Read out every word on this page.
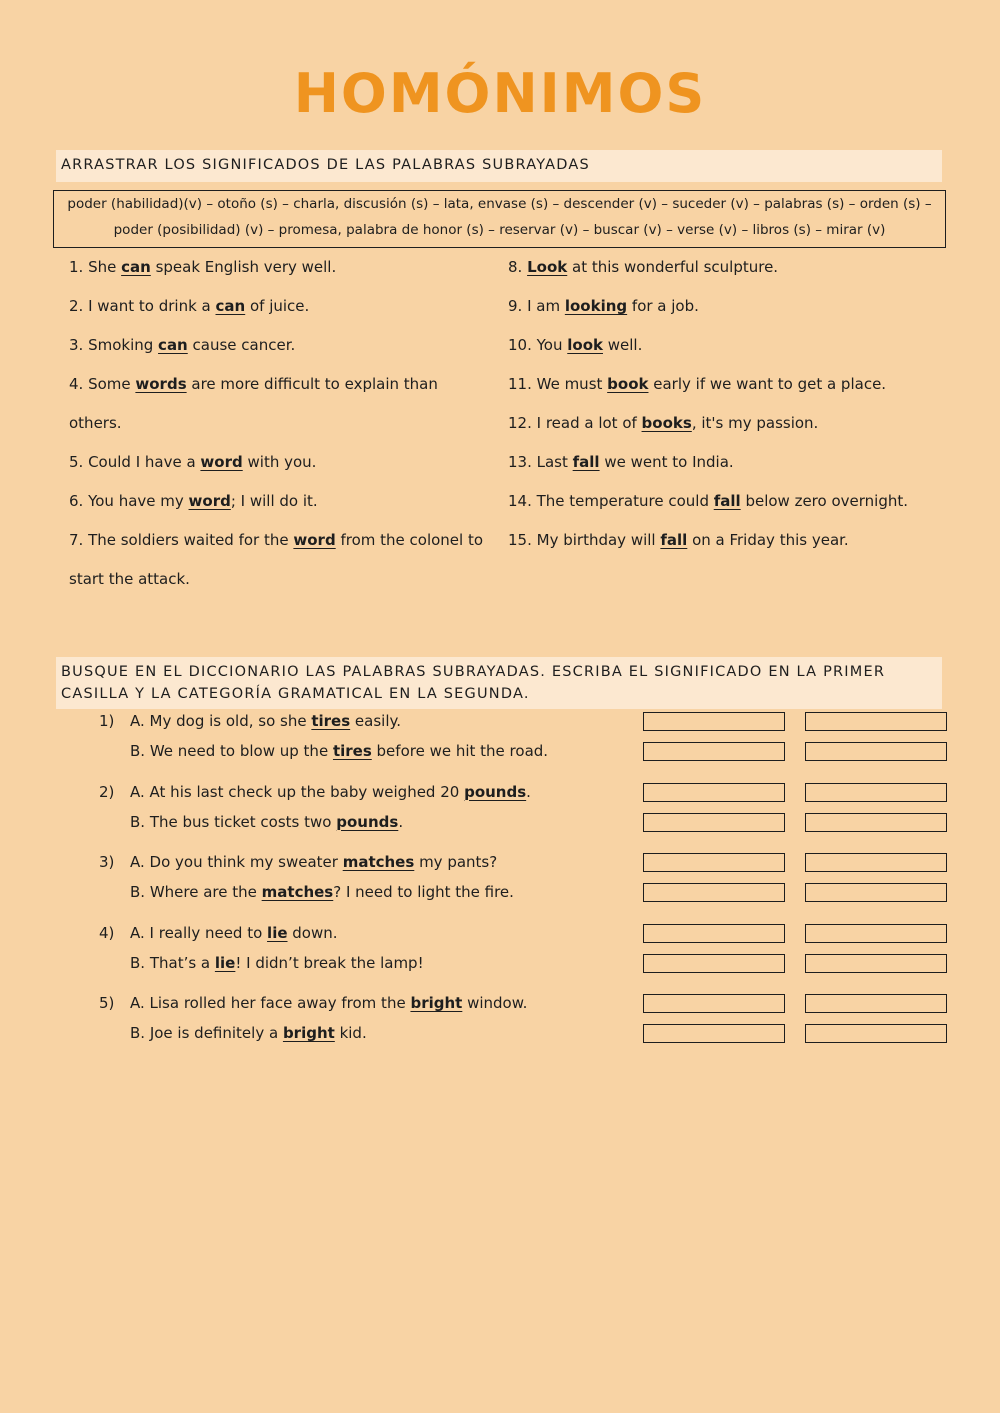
HOMÓNIMOS
ARRASTRAR LOS SIGNIFICADOS DE LAS PALABRAS SUBRAYADAS
poder (habilidad)(v) – otoño (s) – charla, discusión (s) – lata, envase (s) – descender (v) – suceder (v) – palabras (s) – orden (s) –
poder (posibilidad) (v) – promesa, palabra de honor (s) – reservar (v) – buscar (v) – verse (v) – libros (s) – mirar (v)
1. She can speak English very well.
2. I want to drink a can of juice.
3. Smoking can cause cancer.
4. Some words are more difficult to explain than
others.
5. Could I have a word with you.
6. You have my word; I will do it.
7. The soldiers waited for the word from the colonel to
start the attack.
8. Look at this wonderful sculpture.
9. I am looking for a job.
10. You look well.
11. We must book early if we want to get a place.
12. I read a lot of books, it's my passion.
13. Last fall we went to India.
14. The temperature could fall below zero overnight.
15. My birthday will fall on a Friday this year.
BUSQUE EN EL DICCIONARIO LAS PALABRAS SUBRAYADAS. ESCRIBA EL SIGNIFICADO EN LA PRIMER
CASILLA Y LA CATEGORÍA GRAMATICAL EN LA SEGUNDA.
1) A. My dog is old, so she tires easily.
B. We need to blow up the tires before we hit the road.
2) A. At his last check up the baby weighed 20 pounds.
B. The bus ticket costs two pounds.
3) A. Do you think my sweater matches my pants?
B. Where are the matches? I need to light the fire.
4) A. I really need to lie down.
B. That’s a lie! I didn’t break the lamp!
5) A. Lisa rolled her face away from the bright window.
B. Joe is definitely a bright kid.
